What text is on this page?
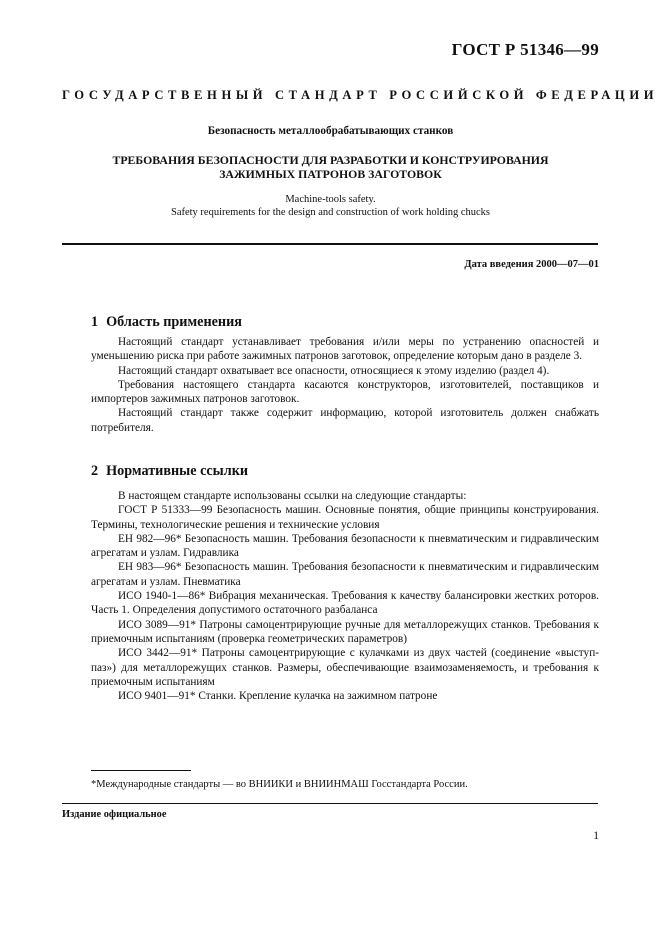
ГОСТ Р 51346—99
ГОСУДАРСТВЕННЫЙ СТАНДАРТ РОССИЙСКОЙ ФЕДЕРАЦИИ
Безопасность металлообрабатывающих станков
ТРЕБОВАНИЯ БЕЗОПАСНОСТИ ДЛЯ РАЗРАБОТКИ И КОНСТРУИРОВАНИЯ
ЗАЖИМНЫХ ПАТРОНОВ ЗАГОТОВОК
Machine-tools safety.
Safety requirements for the design and construction of work holding chucks
Дата введения 2000—07—01
1 Область применения

Настоящий стандарт устанавливает требования и/или меры по устранению опасностей и уменьшению риска при работе зажимных патронов заготовок, определение которым дано в разделе 3.

Настоящий стандарт охватывает все опасности, относящиеся к этому изделию (раздел 4).

Требования настоящего стандарта касаются конструкторов, изготовителей, поставщиков и импортеров зажимных патронов заготовок.

Настоящий стандарт также содержит информацию, которой изготовитель должен снабжать потребителя.

2 Нормативные ссылки

В настоящем стандарте использованы ссылки на следующие стандарты:

ГОСТ Р 51333—99 Безопасность машин. Основные понятия, общие принципы конструирования. Термины, технологические решения и технические условия

ЕН 982—96* Безопасность машин. Требования безопасности к пневматическим и гидравлическим агрегатам и узлам. Гидравлика

ЕН 983—96* Безопасность машин. Требования безопасности к пневматическим и гидравлическим агрегатам и узлам. Пневматика

ИСО 1940-1—86* Вибрация механическая. Требования к качеству балансировки жестких роторов. Часть 1. Определения допустимого остаточного разбаланса

ИСО 3089—91* Патроны самоцентрирующие ручные для металлорежущих станков. Требования к приемочным испытаниям (проверка геометрических параметров)

ИСО 3442—91* Патроны самоцентрирующие с кулачками из двух частей (соединение «выступ-паз») для металлорежущих станков. Размеры, обеспечивающие взаимозаменяемость, и требования к приемочным испытаниям

ИСО 9401—91* Станки. Крепление кулачка на зажимном патроне

*Международные стандарты — во ВНИИКИ и ВНИИНМАШ Госстандарта России.
Издание официальное
1
